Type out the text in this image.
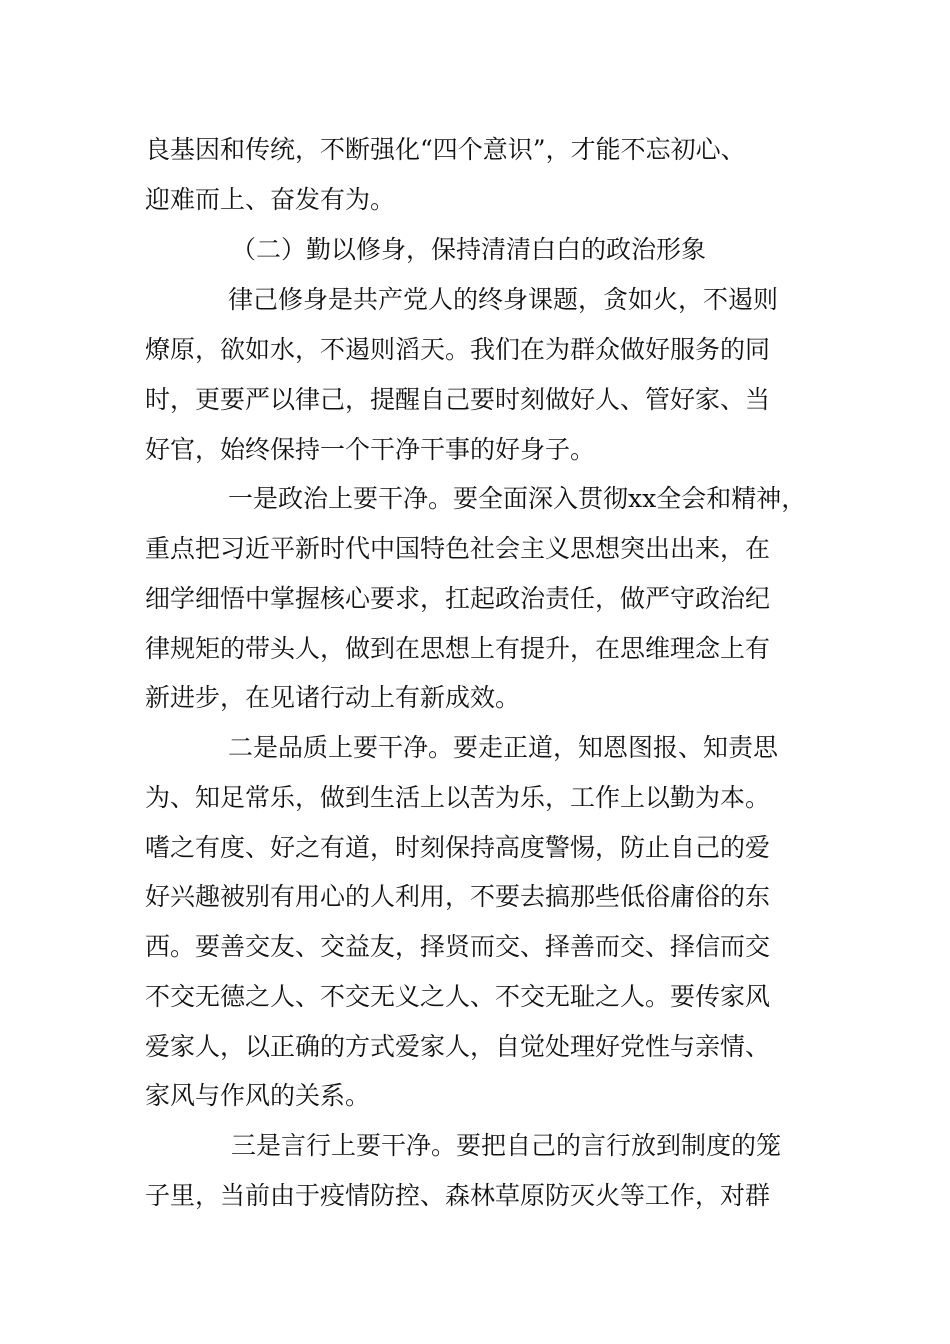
良基因和传统，不断强化“四个意识”，才能不忘初心、
迎难而上、奋发有为。
（二）勤以修身，保持清清白白的政治形象
律己修身是共产党人的终身课题，贪如火，不遏则
燎原，欲如水，不遏则滔天。我们在为群众做好服务的同
时，更要严以律己，提醒自己要时刻做好人、管好家、当
好官，始终保持一个干净干事的好身子。
一是政治上要干净。要全面深入贯彻xx全会和精神，
重点把习近平新时代中国特色社会主义思想突出出来，在
细学细悟中掌握核心要求，扛起政治责任，做严守政治纪
律规矩的带头人，做到在思想上有提升，在思维理念上有
新进步，在见诸行动上有新成效。
二是品质上要干净。要走正道，知恩图报、知责思
为、知足常乐，做到生活上以苦为乐，工作上以勤为本。
嗜之有度、好之有道，时刻保持高度警惕，防止自己的爱
好兴趣被别有用心的人利用，不要去搞那些低俗庸俗的东
西。要善交友、交益友，择贤而交、择善而交、择信而交
不交无德之人、不交无义之人、不交无耻之人。要传家风
爱家人，以正确的方式爱家人，自觉处理好党性与亲情、
家风与作风的关系。
三是言行上要干净。要把自己的言行放到制度的笼
子里，当前由于疫情防控、森林草原防灭火等工作，对群
